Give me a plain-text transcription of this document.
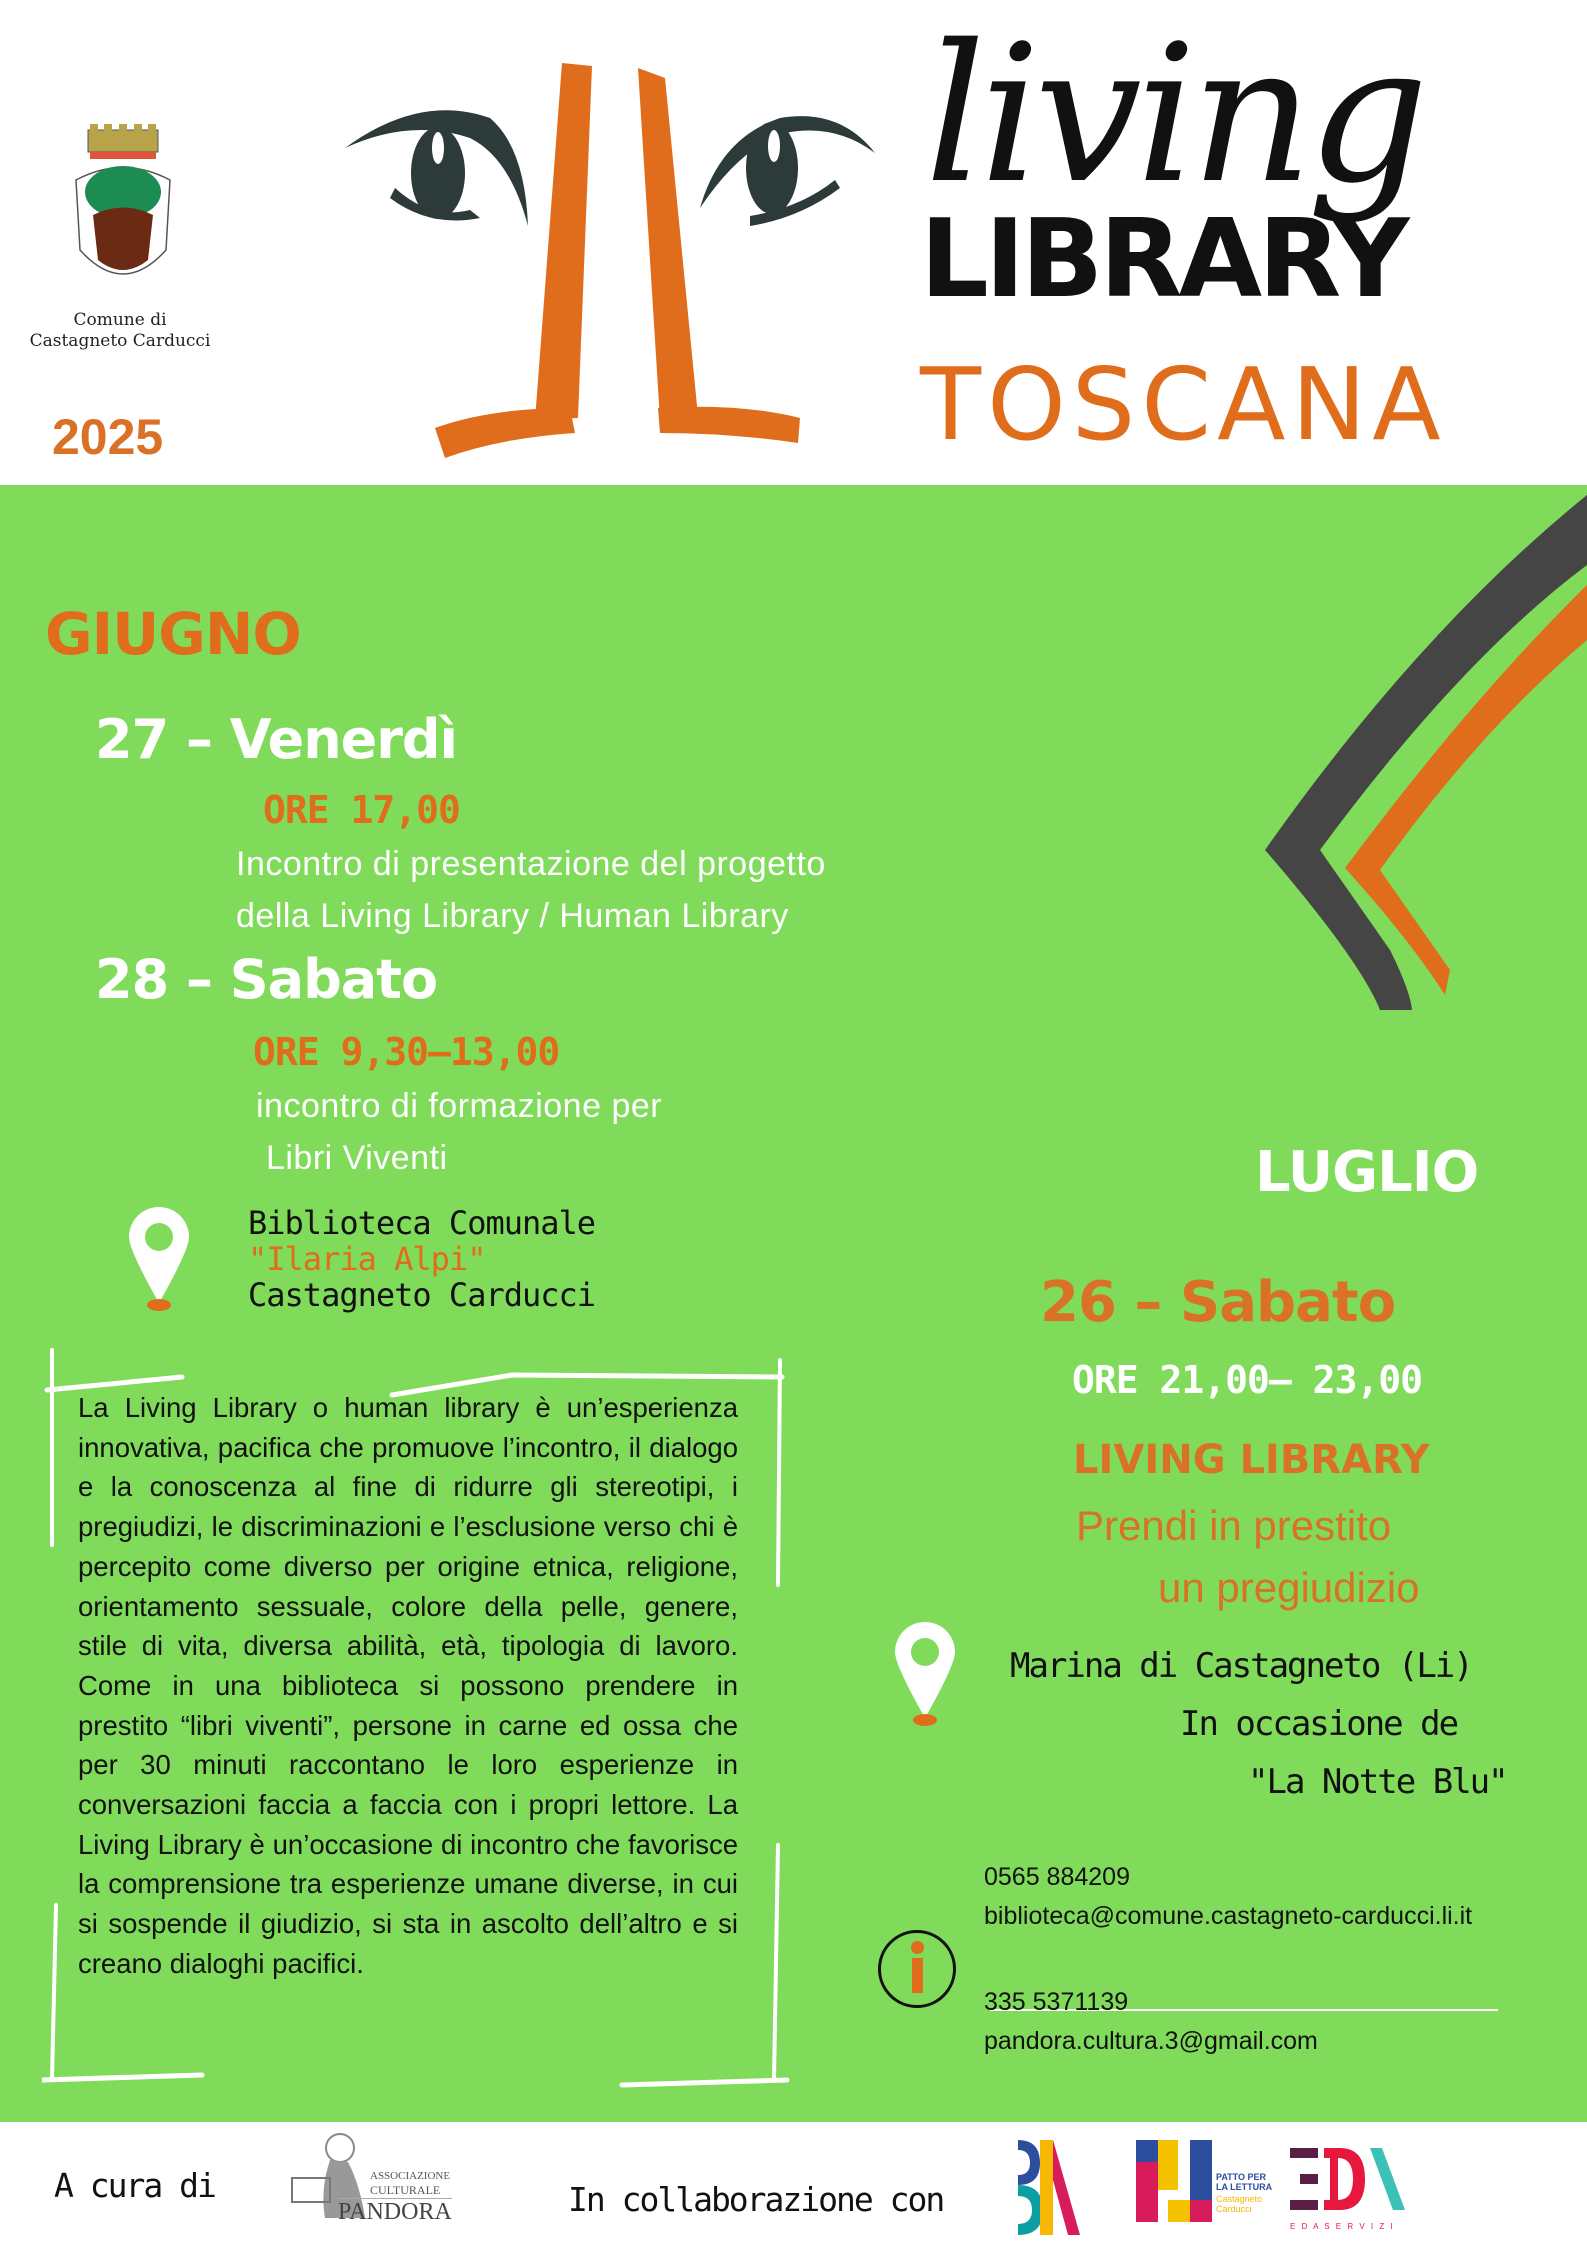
Comune di
Castagneto Carducci
2025
living
LIBRARY
TOSCANA
GIUGNO
27 – Venerdì
ORE 17,00
Incontro di presentazione del progetto
della Living Library / Human Library
28 – Sabato
ORE 9,30–13,00
incontro di formazione per
Libri Viventi
Biblioteca Comunale
"Ilaria Alpi"
Castagneto Carducci
La Living Library o human library è un’esperienza innovativa, pacifica che promuove l’incontro, il dialogo e la conoscenza al fine di ridurre gli stereotipi, i pregiudizi, le discriminazioni e l’esclusione verso chi è percepito come diverso per origine etnica, religione, orientamento sessuale, colore della pelle, genere, stile di vita, diversa abilità, età, tipologia di lavoro. Come in una biblioteca si possono prendere in prestito “libri viventi”, persone in carne ed ossa che per 30 minuti raccontano le loro esperienze in conversazioni faccia a faccia con i propri lettore. La Living Library è un’occasione di incontro che favorisce la comprensione tra esperienze umane diverse, in cui si sospende il giudizio, si sta in ascolto dell’altro e si creano dialoghi pacifici.
LUGLIO
26 – Sabato
ORE 21,00– 23,00
LIVING LIBRARY
Prendi in prestito
un pregiudizio
Marina di Castagneto (Li)
In occasione de
"La Notte Blu"
0565 884209
biblioteca@comune.castagneto-carducci.li.it
335 5371139
pandora.cultura.3@gmail.com
A cura di	ASSOCIAZIONE
CULTURALE
PANDORA	In collaborazione con
PATTO PER
LA LETTURA
Castagneto
Carducci
E D A S E R V I Z I
